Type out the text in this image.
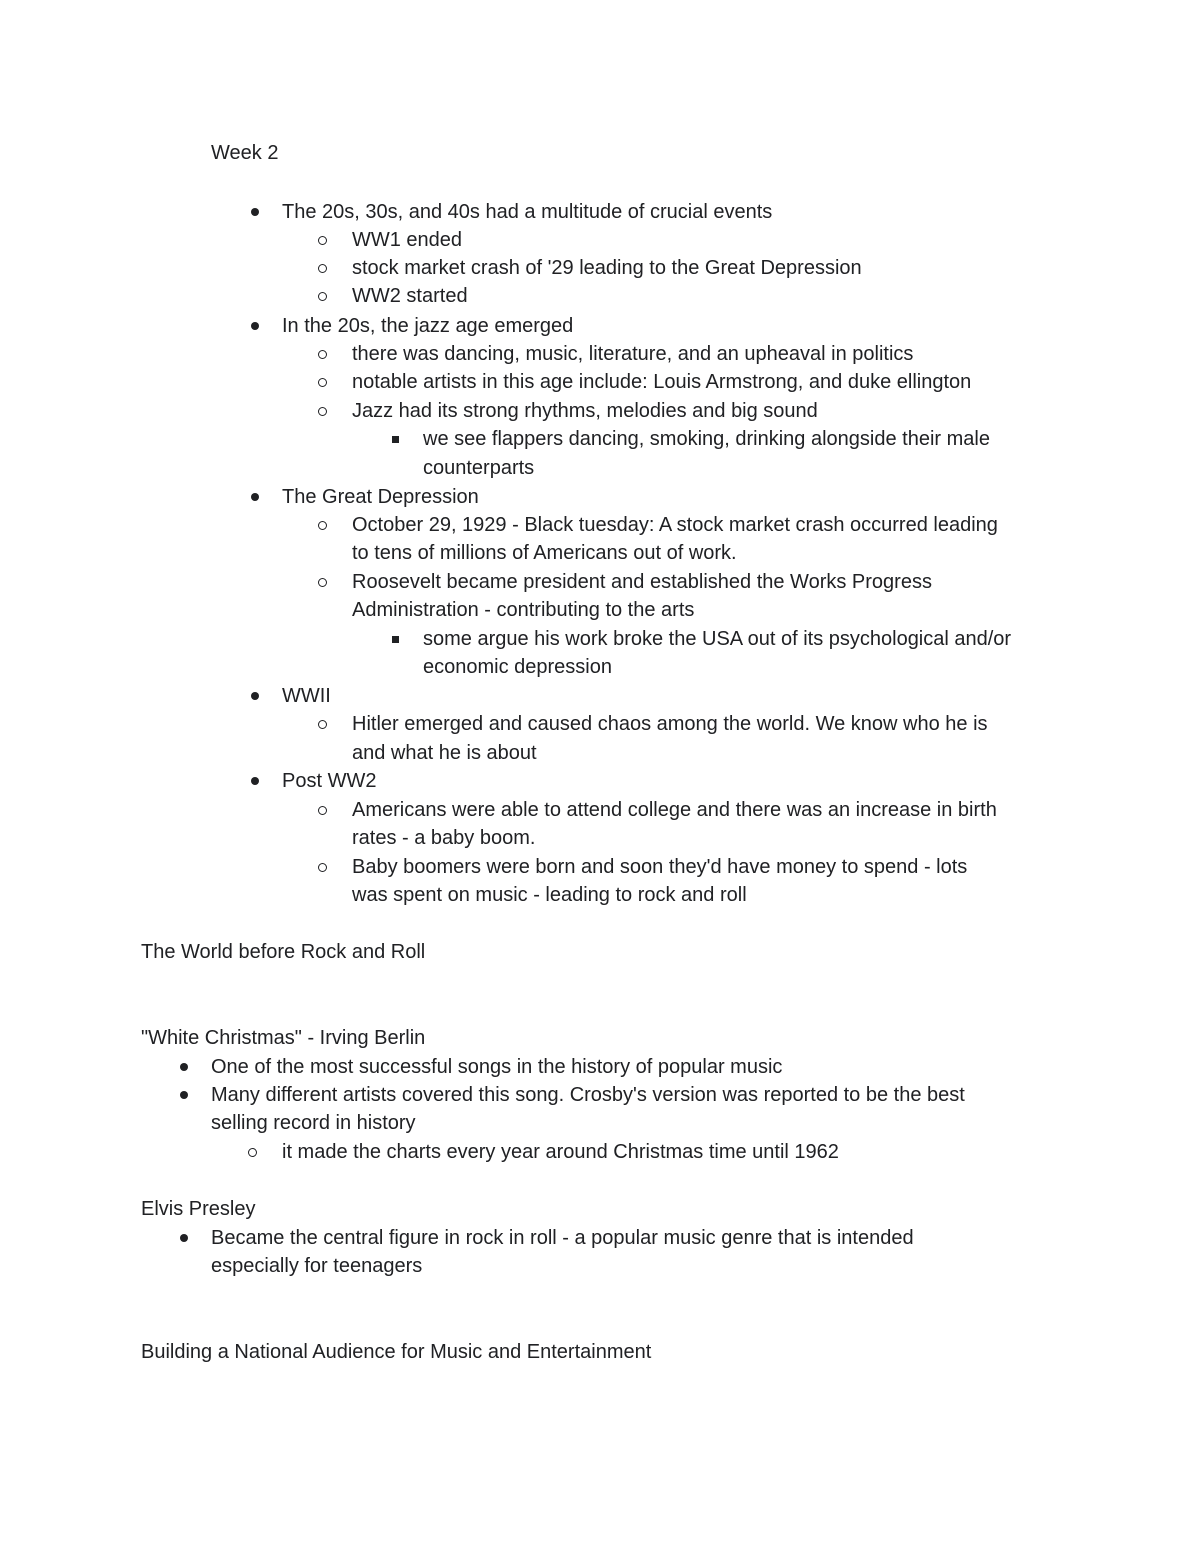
Week 2
The 20s, 30s, and 40s had a multitude of crucial events
WW1 ended
stock market crash of '29 leading to the Great Depression
WW2 started
In the 20s, the jazz age emerged
there was dancing, music, literature, and an upheaval in politics
notable artists in this age include: Louis Armstrong, and duke ellington
Jazz had its strong rhythms, melodies and big sound
we see flappers dancing, smoking, drinking alongside their male
counterparts
The Great Depression
October 29, 1929 - Black tuesday: A stock market crash occurred leading
to tens of millions of Americans out of work.
Roosevelt became president and established the Works Progress
Administration - contributing to the arts
some argue his work broke the USA out of its psychological and/or
economic depression
WWII
Hitler emerged and caused chaos among the world. We know who he is
and what he is about
Post WW2
Americans were able to attend college and there was an increase in birth
rates - a baby boom.
Baby boomers were born and soon they'd have money to spend - lots
was spent on music - leading to rock and roll
The World before Rock and Roll
"White Christmas" - Irving Berlin
One of the most successful songs in the history of popular music
Many different artists covered this song. Crosby's version was reported to be the best
selling record in history
it made the charts every year around Christmas time until 1962
Elvis Presley
Became the central figure in rock in roll - a popular music genre that is intended
especially for teenagers
Building a National Audience for Music and Entertainment
